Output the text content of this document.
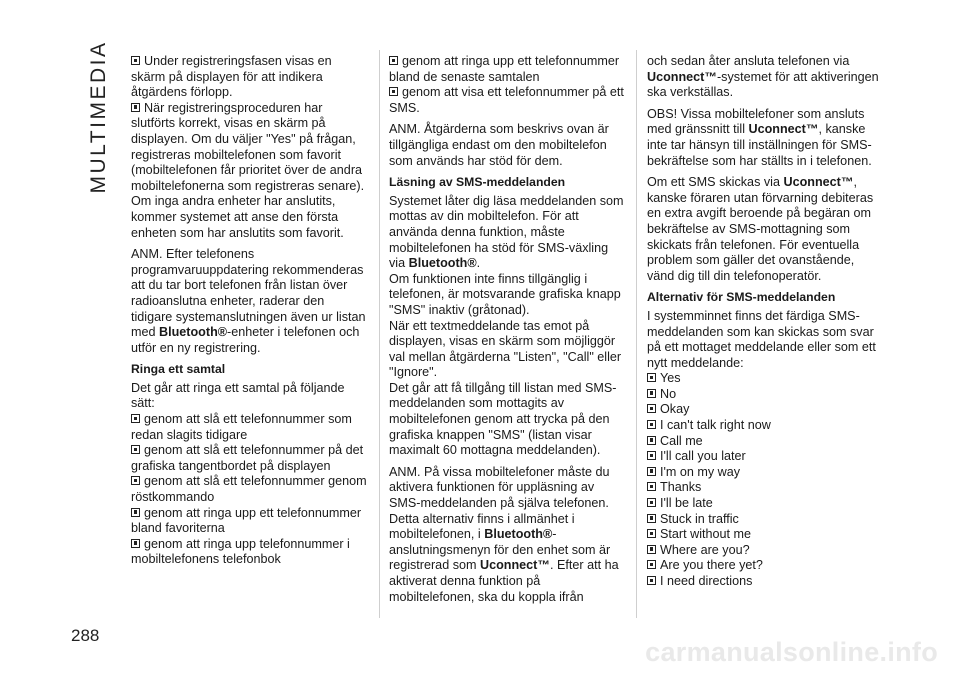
MULTIMEDIA	Under registreringsfasen visas en skärm på displayen för att indikera åtgärdens förlopp.

När registreringsproceduren har slutförts korrekt, visas en skärm på displayen. Om du väljer "Yes" på frågan, registreras mobiltelefonen som favorit (mobiltelefonen får prioritet över de andra mobiltelefonerna som registreras senare). Om inga andra enheter har anslutits, kommer systemet att anse den första enheten som har anslutits som favorit.

ANM. Efter telefonens programvaruuppdatering rekommenderas att du tar bort telefonen från listan över radioanslutna enheter, raderar den tidigare systemanslutningen även ur listan med Bluetooth®-enheter i telefonen och utför en ny registrering.

Ringa ett samtal

Det går att ringa ett samtal på följande sätt:

genom att slå ett telefonnummer som redan slagits tidigare

genom att slå ett telefonnummer på det grafiska tangentbordet på displayen

genom att slå ett telefonnummer genom röstkommando

genom att ringa upp ett telefonnummer bland favoriterna

genom att ringa upp telefonnummer i mobiltelefonens telefonbok

genom att ringa upp ett telefonnummer bland de senaste samtalen

genom att visa ett telefonnummer på ett SMS.

ANM. Åtgärderna som beskrivs ovan är tillgängliga endast om den mobiltelefon som används har stöd för dem.

Läsning av SMS-meddelanden

Systemet låter dig läsa meddelanden som mottas av din mobiltelefon. För att använda denna funktion, måste mobiltelefonen ha stöd för SMS-växling via Bluetooth®.

Om funktionen inte finns tillgänglig i telefonen, är motsvarande grafiska knapp "SMS" inaktiv (gråtonad).

När ett textmeddelande tas emot på displayen, visas en skärm som möjliggör val mellan åtgärderna "Listen", "Call" eller "Ignore".

Det går att få tillgång till listan med SMS-meddelanden som mottagits av mobiltelefonen genom att trycka på den grafiska knappen "SMS" (listan visar maximalt 60 mottagna meddelanden).

ANM. På vissa mobiltelefoner måste du aktivera funktionen för uppläsning av SMS-meddelanden på själva telefonen. Detta alternativ finns i allmänhet i mobiltelefonen, i Bluetooth®-anslutningsmenyn för den enhet som är registrerad som Uconnect™. Efter att ha aktiverat denna funktion på mobiltelefonen, ska du koppla ifrån

och sedan åter ansluta telefonen via Uconnect™-systemet för att aktiveringen ska verkställas.

OBS! Vissa mobiltelefoner som ansluts med gränssnitt till Uconnect™, kanske inte tar hänsyn till inställningen för SMS-bekräftelse som har ställts in i telefonen.

Om ett SMS skickas via Uconnect™, kanske föraren utan förvarning debiteras en extra avgift beroende på begäran om bekräftelse av SMS-mottagning som skickats från telefonen. För eventuella problem som gäller det ovanstående, vänd dig till din telefonoperatör.

Alternativ för SMS-meddelanden

I systemminnet finns det färdiga SMS-meddelanden som kan skickas som svar på ett mottaget meddelande eller som ett nytt meddelande:

Yes
No
Okay
I can't talk right now
Call me
I'll call you later
I'm on my way
Thanks
I'll be late
Stuck in traffic
Start without me
Where are you?
Are you there yet?
I need directions
288
carmanualsonline.info
